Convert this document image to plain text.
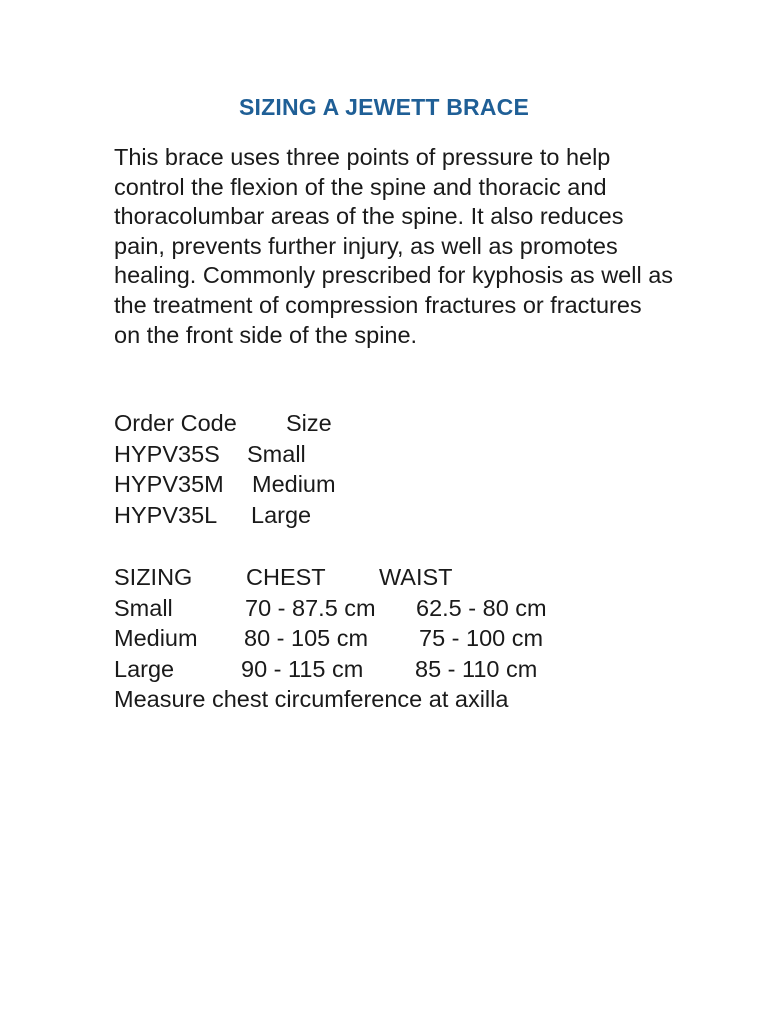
SIZING A JEWETT BRACE
This brace uses three points of pressure to help control the flexion of the spine and thoracic and thoracolumbar areas of the spine. It also reduces pain, prevents further injury, as well as promotes healing. Commonly prescribed for kyphosis as well as the treatment of compression fractures or fractures on the front side of the spine.
Order Code Size
HYPV35S Small
HYPV35M Medium
HYPV35L Large
SIZING CHEST WAIST
Small	70 - 87.5 cm 62.5 - 80 cm
Medium 80 - 105 cm 75 - 100 cm
Large	90 - 115 cm 85 - 110 cm
Measure chest circumference at axilla
